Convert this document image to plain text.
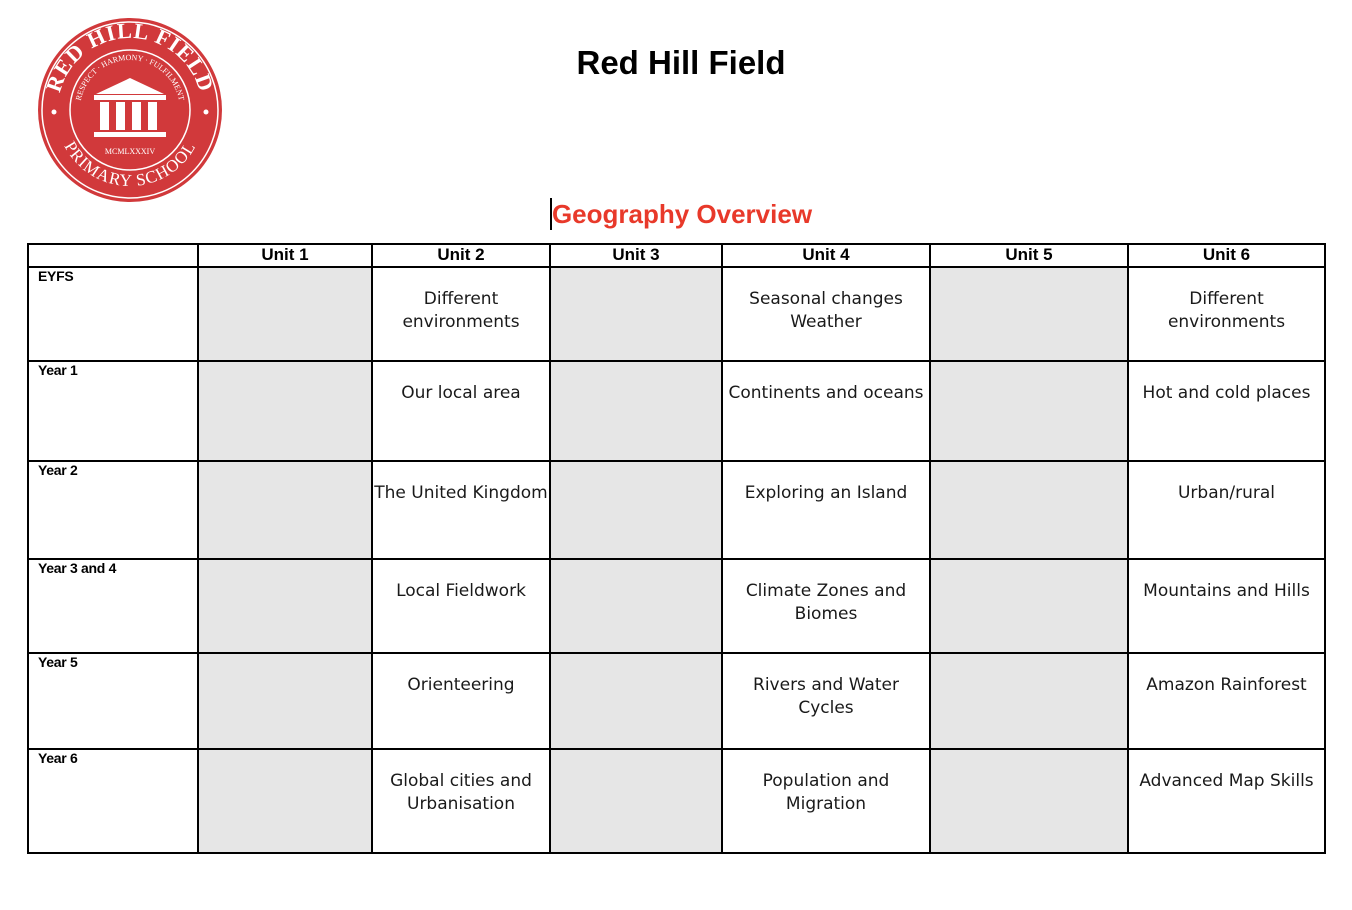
RED HILL FIELD
RESPECT · HARMONY · FULFILMENT
PRIMARY SCHOOL
MCMLXXXIV
Red Hill Field
Geography Overview
	Unit 1	Unit 2	Unit 3	Unit 4	Unit 5	Unit 6
EYFS		Different environments		Seasonal changes Weather		Different environments
Year 1		Our local area		Continents and oceans		Hot and cold places
Year 2		The United Kingdom		Exploring an Island		Urban/rural
Year 3 and 4		Local Fieldwork		Climate Zones and Biomes		Mountains and Hills
Year 5		Orienteering		Rivers and Water Cycles		Amazon Rainforest
Year 6		Global cities and Urbanisation		Population and Migration		Advanced Map Skills
